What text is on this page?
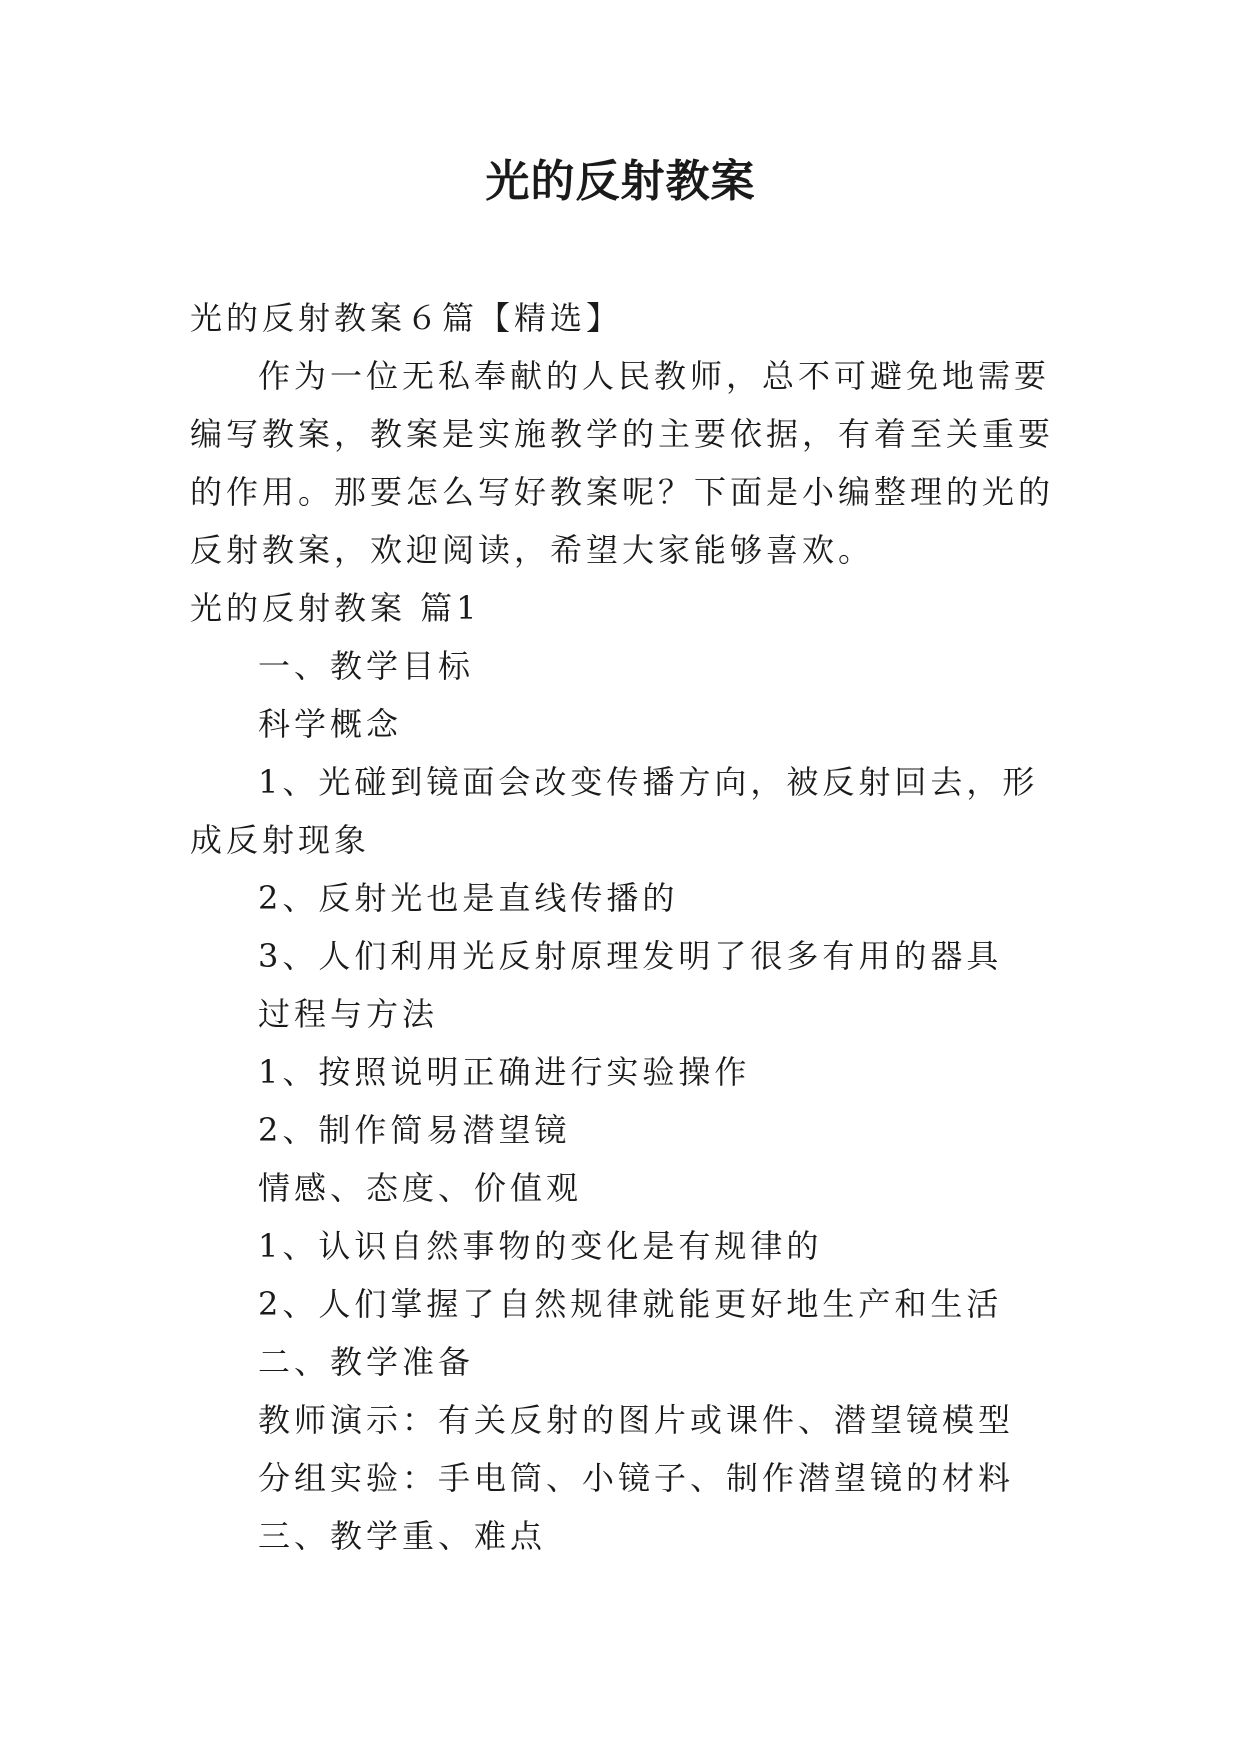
光的反射教案

光的反射教案６篇【精选】

作为一位无私奉献的人民教师，总不可避免地需要编写教案，教案是实施教学的主要依据，有着至关重要的作用。那要怎么写好教案呢？下面是小编整理的光的反射教案，欢迎阅读，希望大家能够喜欢。

光的反射教案 篇1

一、教学目标

科学概念

1、光碰到镜面会改变传播方向，被反射回去，形成反射现象

2、反射光也是直线传播的

3、人们利用光反射原理发明了很多有用的器具

过程与方法

1、按照说明正确进行实验操作

2、制作简易潜望镜

情感、态度、价值观

1、认识自然事物的变化是有规律的

2、人们掌握了自然规律就能更好地生产和生活

二、教学准备

教师演示：有关反射的图片或课件、潜望镜模型

分组实验：手电筒、小镜子、制作潜望镜的材料

三、教学重、难点
